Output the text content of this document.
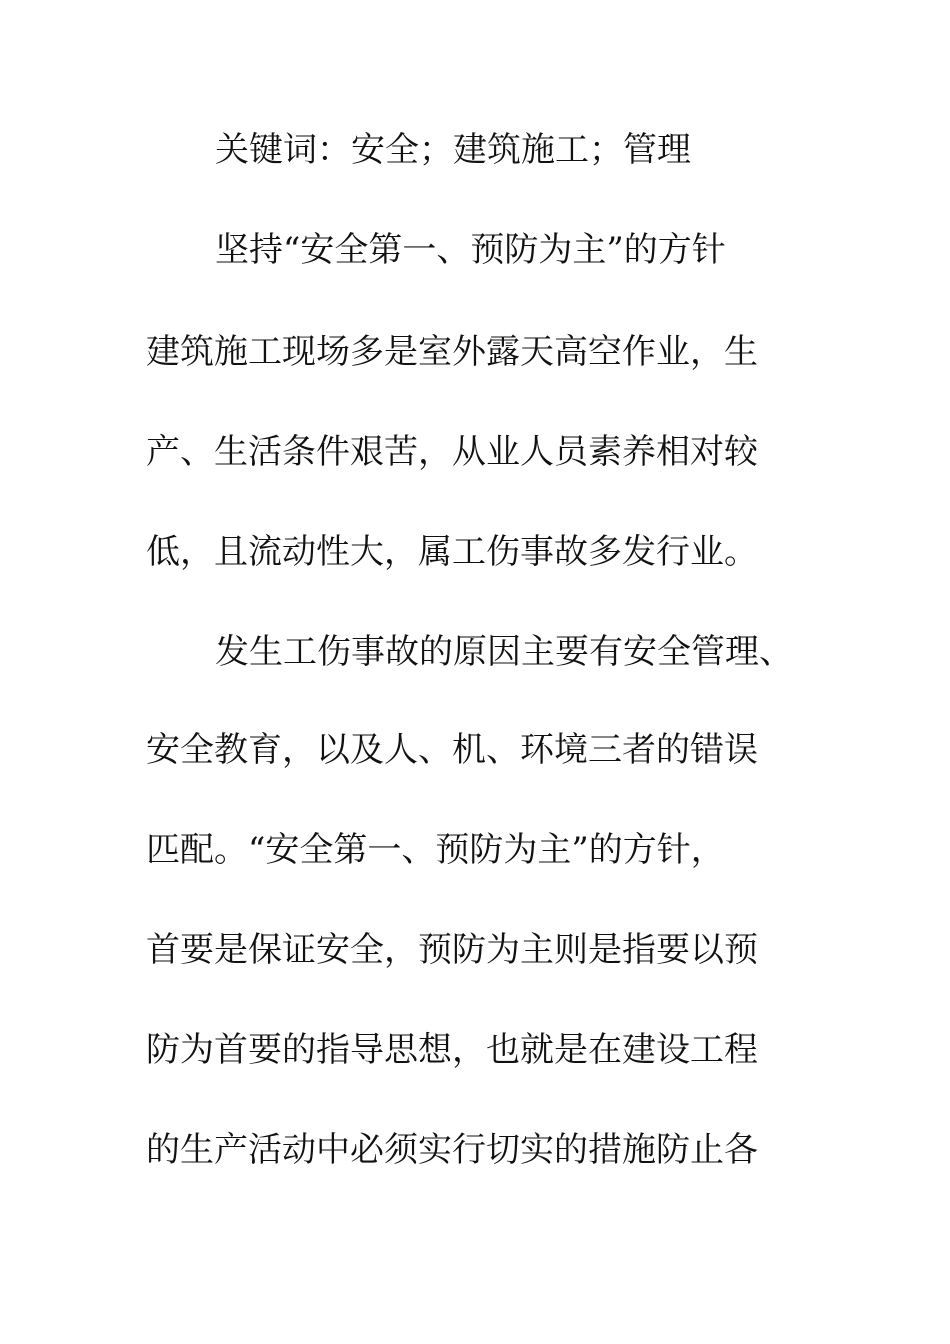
关键词：安全；建筑施工；管理
坚持“安全第一、预防为主”的方针
建筑施工现场多是室外露天高空作业，生
产、生活条件艰苦，从业人员素养相对较
低，且流动性大，属工伤事故多发行业。
发生工伤事故的原因主要有安全管理、
安全教育，以及人、机、环境三者的错误
匹配。“安全第一、预防为主”的方针，
首要是保证安全，预防为主则是指要以预
防为首要的指导思想，也就是在建设工程
的生产活动中必须实行切实的措施防止各
